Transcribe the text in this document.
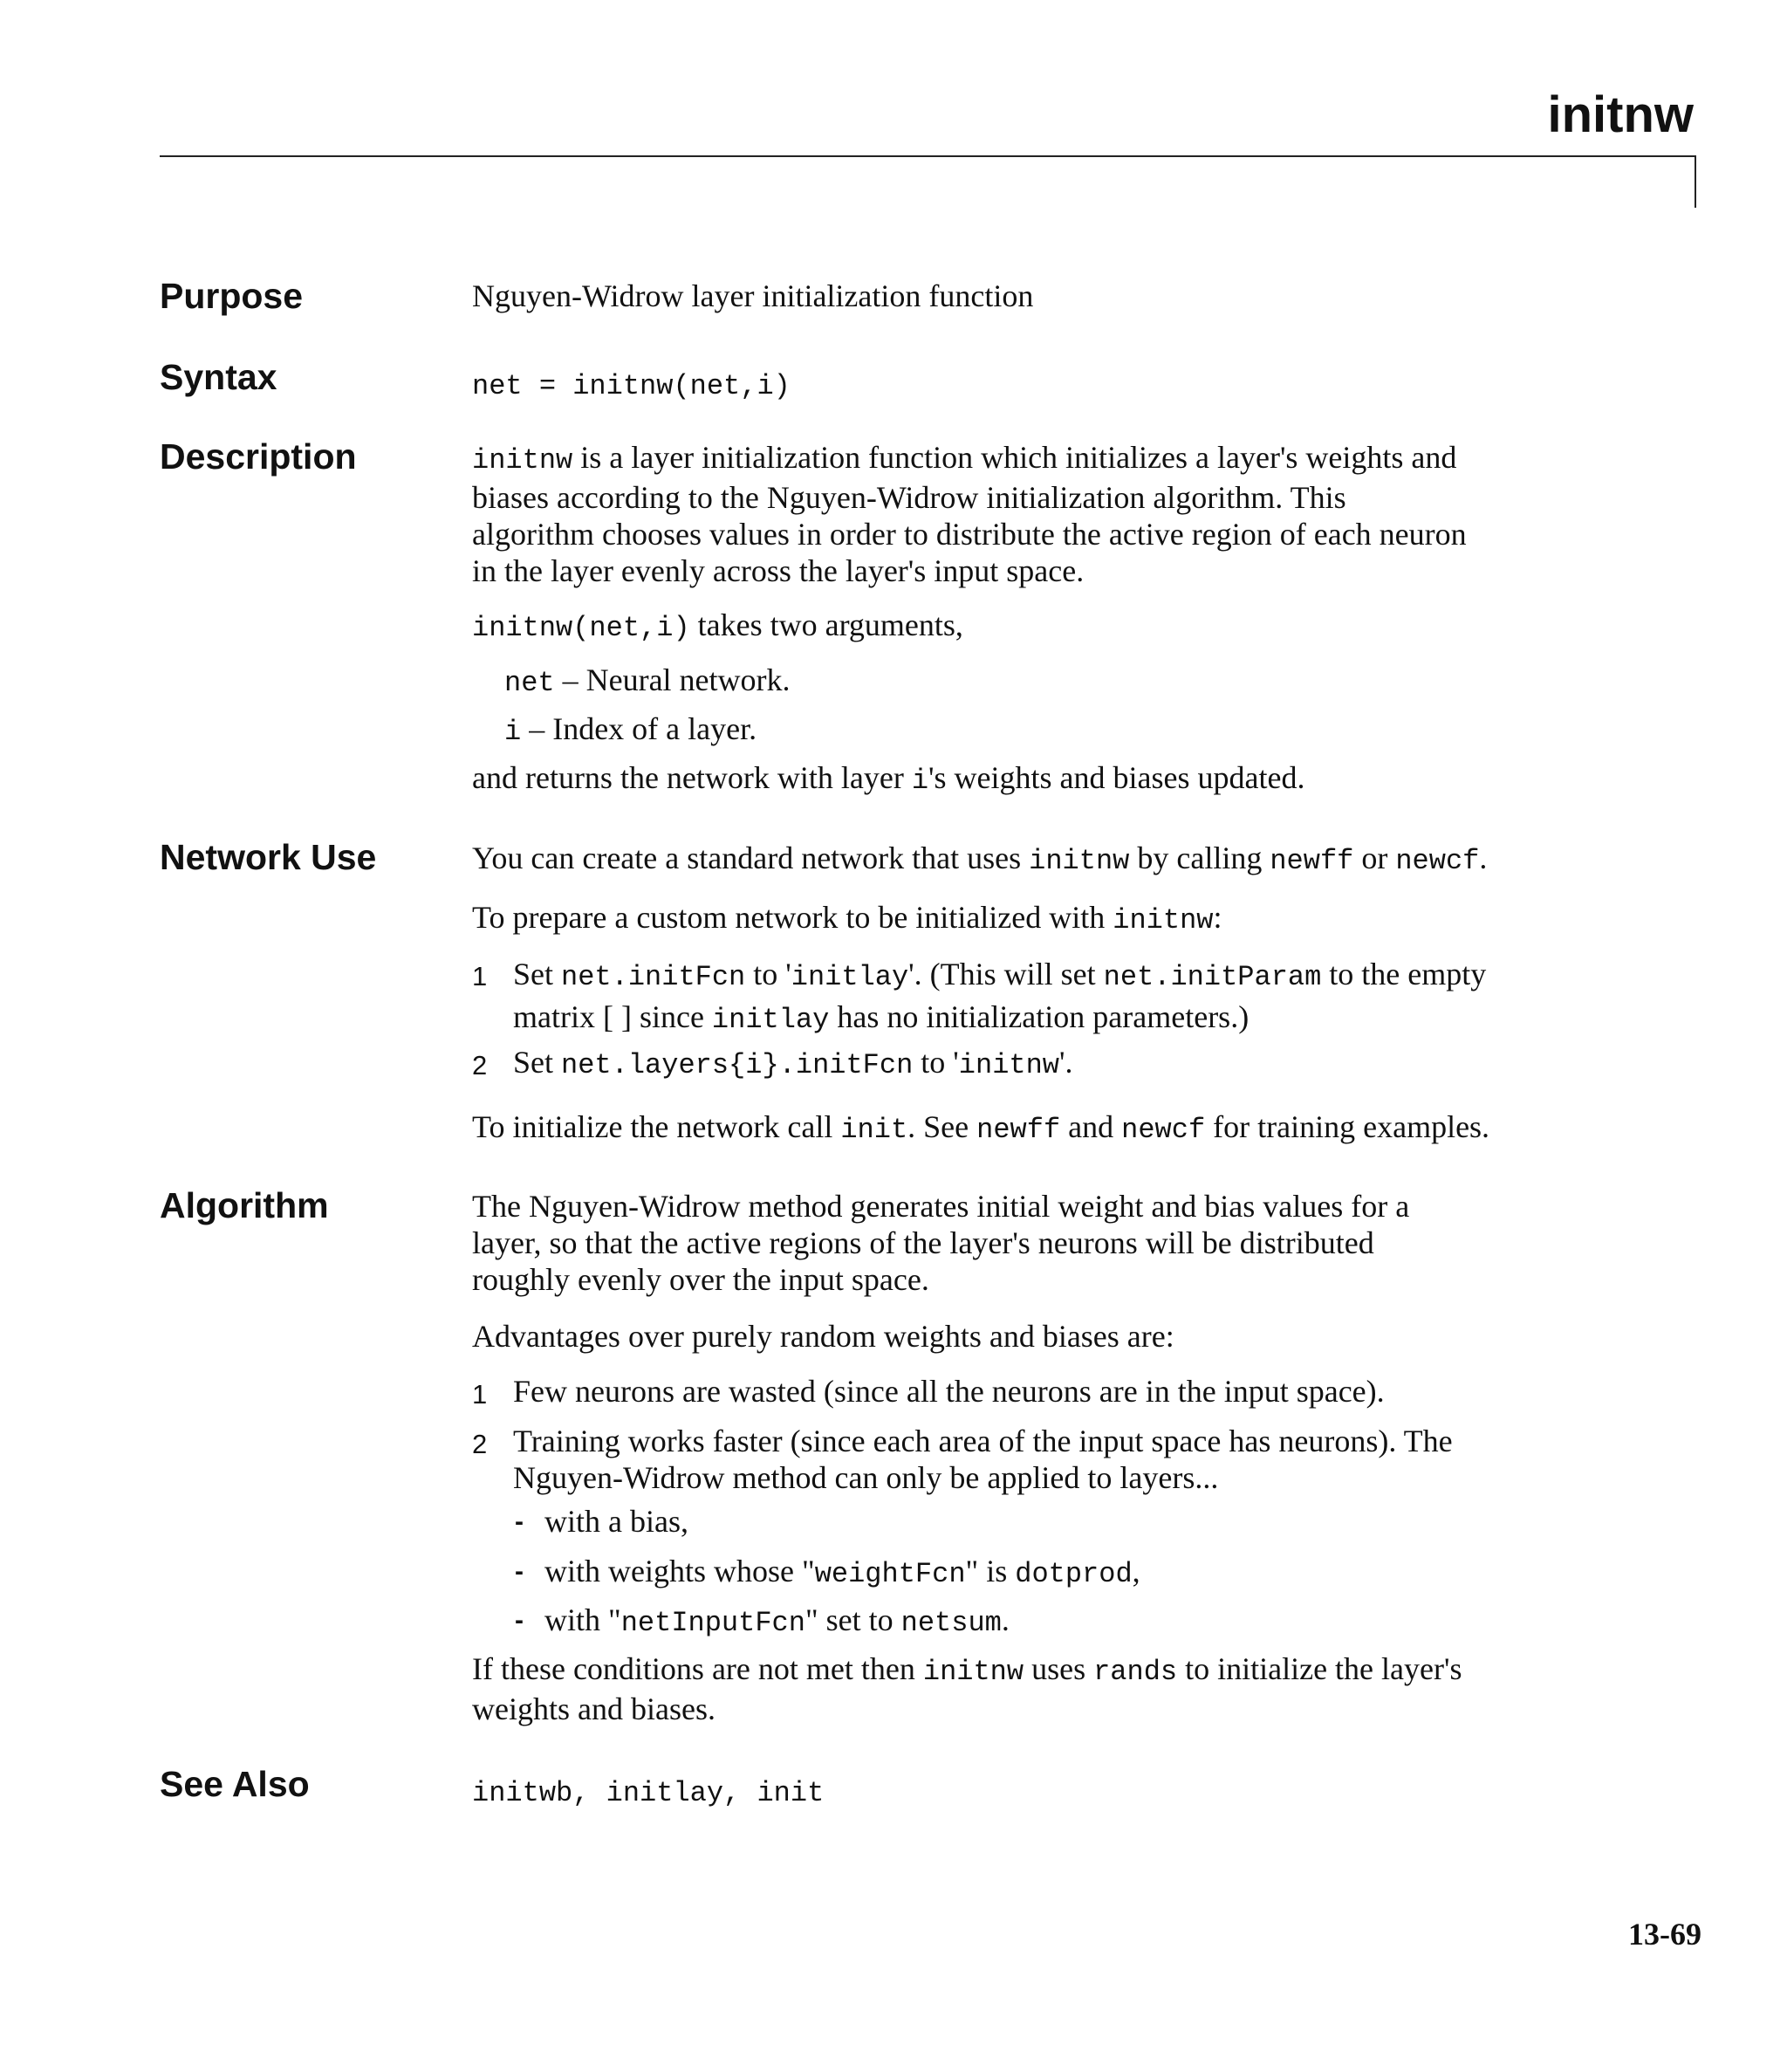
initnw
Purpose	Nguyen-Widrow layer initialization function
Syntax	net = initnw(net,i)
Description	initnw is a layer initialization function which initializes a layer's weights and
biases according to the Nguyen-Widrow initialization algorithm. This
algorithm chooses values in order to distribute the active region of each neuron
in the layer evenly across the layer's input space.
initnw(net,i) takes two arguments,
net – Neural network.
i – Index of a layer.
and returns the network with layer i's weights and biases updated.
Network Use	You can create a standard network that uses initnw by calling newff or newcf.
To prepare a custom network to be initialized with initnw:
1 Set net.initFcn to 'initlay'. (This will set net.initParam to the empty
matrix [ ] since initlay has no initialization parameters.)
2 Set net.layers{i}.initFcn to 'initnw'.
To initialize the network call init. See newff and newcf for training examples.
Algorithm	The Nguyen-Widrow method generates initial weight and bias values for a
layer, so that the active regions of the layer's neurons will be distributed
roughly evenly over the input space.
Advantages over purely random weights and biases are:
1 Few neurons are wasted (since all the neurons are in the input space).
2 Training works faster (since each area of the input space has neurons). The
Nguyen-Widrow method can only be applied to layers...
- with a bias,
- with weights whose "weightFcn" is dotprod,
- with "netInputFcn" set to netsum.
If these conditions are not met then initnw uses rands to initialize the layer's
weights and biases.
See Also	initwb, initlay, init
13-69
